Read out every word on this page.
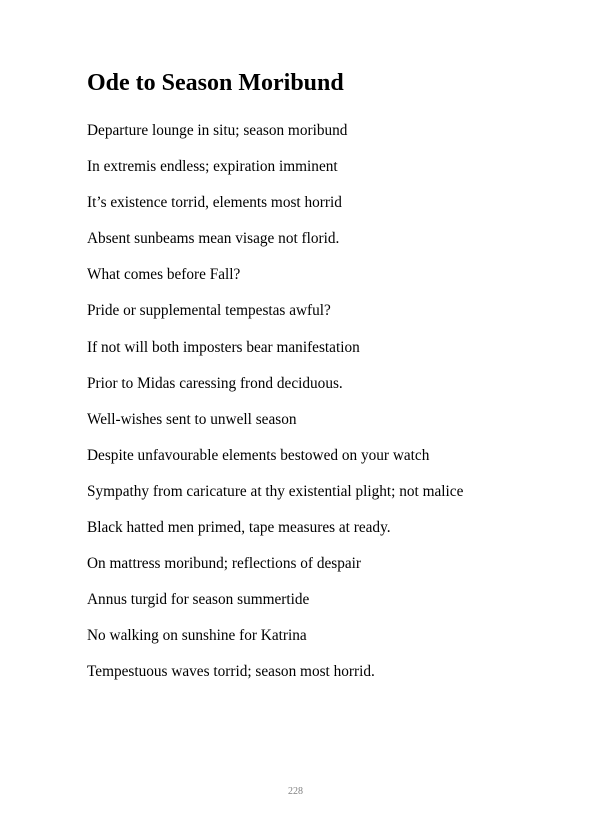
Ode to Season Moribund
Departure lounge in situ; season moribund
In extremis endless; expiration imminent
It’s existence torrid, elements most horrid
Absent sunbeams mean visage not florid.
What comes before Fall?
Pride or supplemental tempestas awful?
If not will both imposters bear manifestation
Prior to Midas caressing frond deciduous.
Well-wishes sent to unwell season
Despite unfavourable elements bestowed on your watch
Sympathy from caricature at thy existential plight; not malice
Black hatted men primed, tape measures at ready.
On mattress moribund; reflections of despair
Annus turgid for season summertide
No walking on sunshine for Katrina
Tempestuous waves torrid; season most horrid.
228
